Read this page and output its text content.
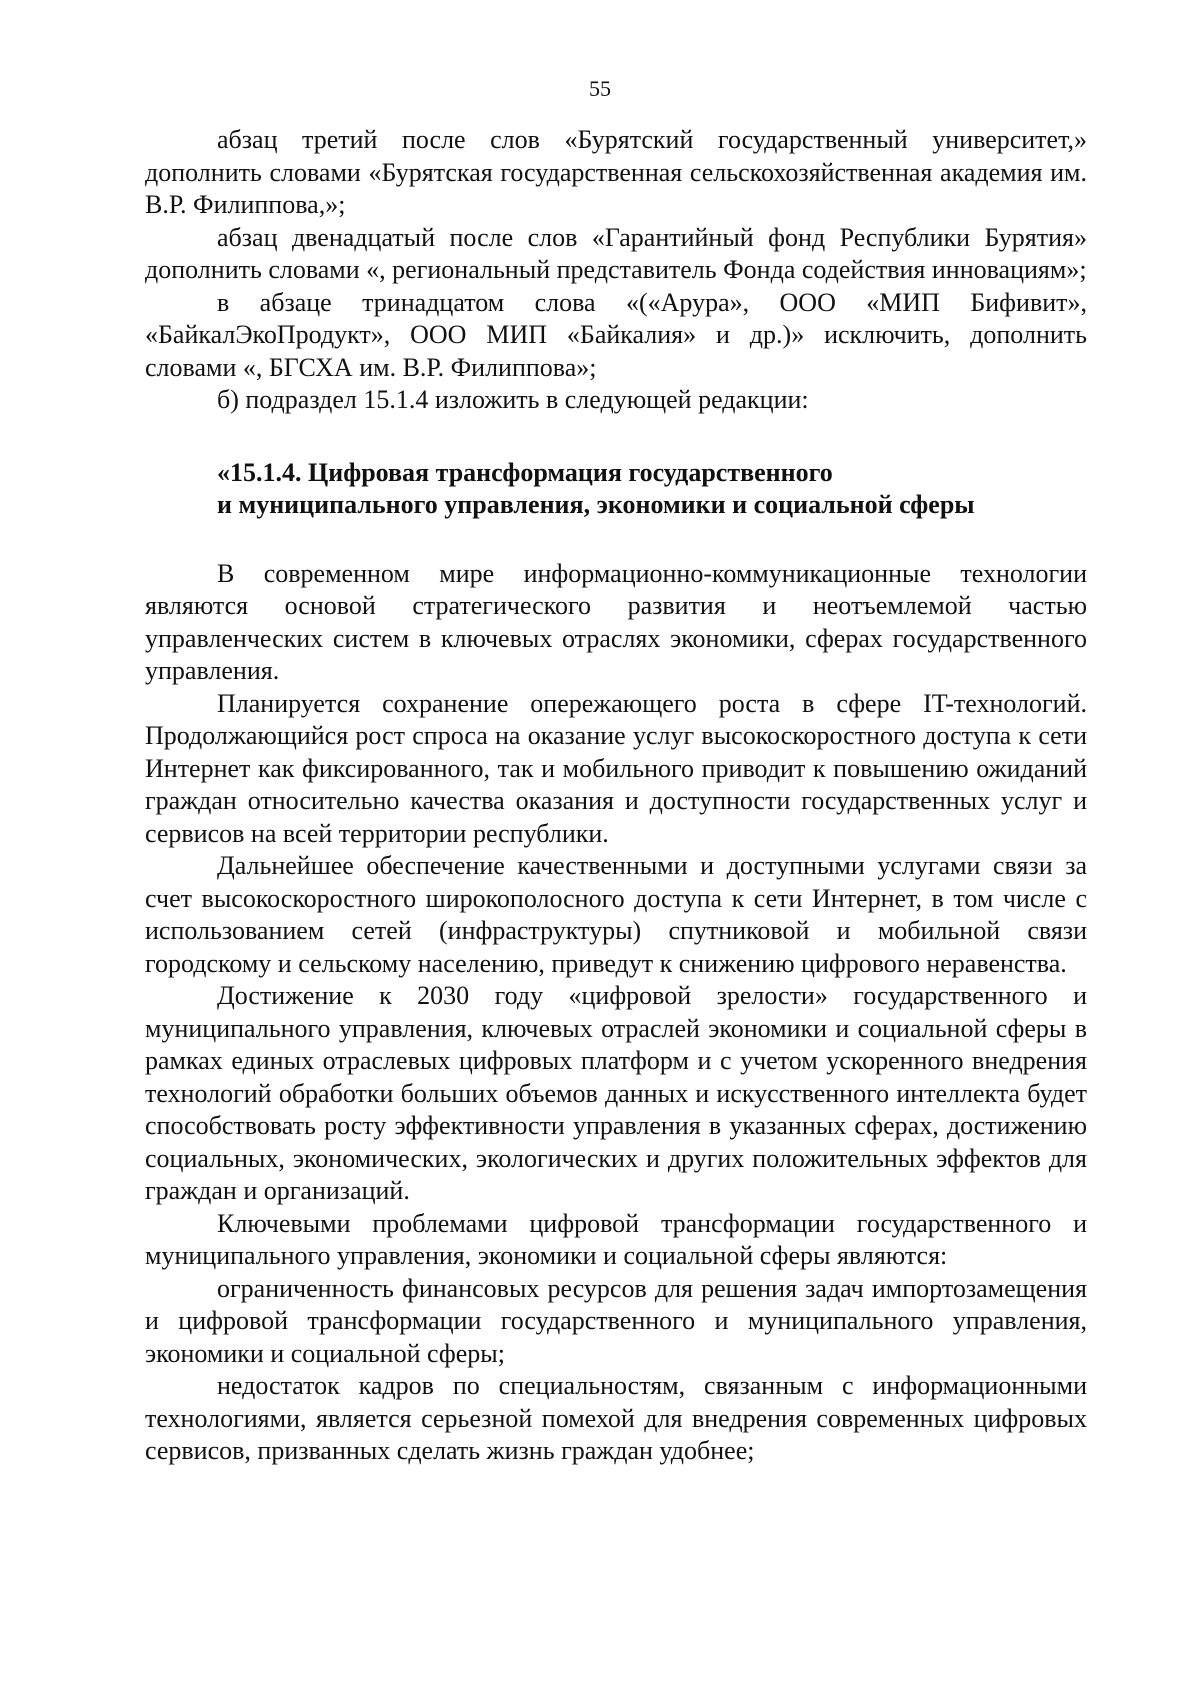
55

абзац третий после слов «Бурятский государственный университет,» дополнить словами «Бурятская государственная сельскохозяйственная академия им. В.Р. Филиппова,»;

абзац двенадцатый после слов «Гарантийный фонд Республики Бурятия» дополнить словами «, региональный представитель Фонда содействия инновациям»;

в абзаце тринадцатом слова «(«Арура», ООО «МИП Бифивит», «БайкалЭкоПродукт», ООО МИП «Байкалия» и др.)» исключить, дополнить словами «, БГСХА им. В.Р. Филиппова»;

б) подраздел 15.1.4 изложить в следующей редакции:

«15.1.4. Цифровая трансформация государственного
и муниципального управления, экономики и социальной сферы

В современном мире информационно-коммуникационные технологии являются основой стратегического развития и неотъемлемой частью управленческих систем в ключевых отраслях экономики, сферах государственного управления.

Планируется сохранение опережающего роста в сфере IT-технологий. Продолжающийся рост спроса на оказание услуг высокоскоростного доступа к сети Интернет как фиксированного, так и мобильного приводит к повышению ожиданий граждан относительно качества оказания и доступности государственных услуг и сервисов на всей территории республики.

Дальнейшее обеспечение качественными и доступными услугами связи за счет высокоскоростного широкополосного доступа к сети Интернет, в том числе с использованием сетей (инфраструктуры) спутниковой и мобильной связи городскому и сельскому населению, приведут к снижению цифрового неравенства.

Достижение к 2030 году «цифровой зрелости» государственного и муниципального управления, ключевых отраслей экономики и социальной сферы в рамках единых отраслевых цифровых платформ и с учетом ускоренного внедрения технологий обработки больших объемов данных и искусственного интеллекта будет способствовать росту эффективности управления в указанных сферах, достижению социальных, экономических, экологических и других положительных эффектов для граждан и организаций.

Ключевыми проблемами цифровой трансформации государственного и муниципального управления, экономики и социальной сферы являются:

ограниченность финансовых ресурсов для решения задач импортозамещения и цифровой трансформации государственного и муниципального управления, экономики и социальной сферы;

недостаток кадров по специальностям, связанным с информационными технологиями, является серьезной помехой для внедрения современных цифровых сервисов, призванных сделать жизнь граждан удобнее;
